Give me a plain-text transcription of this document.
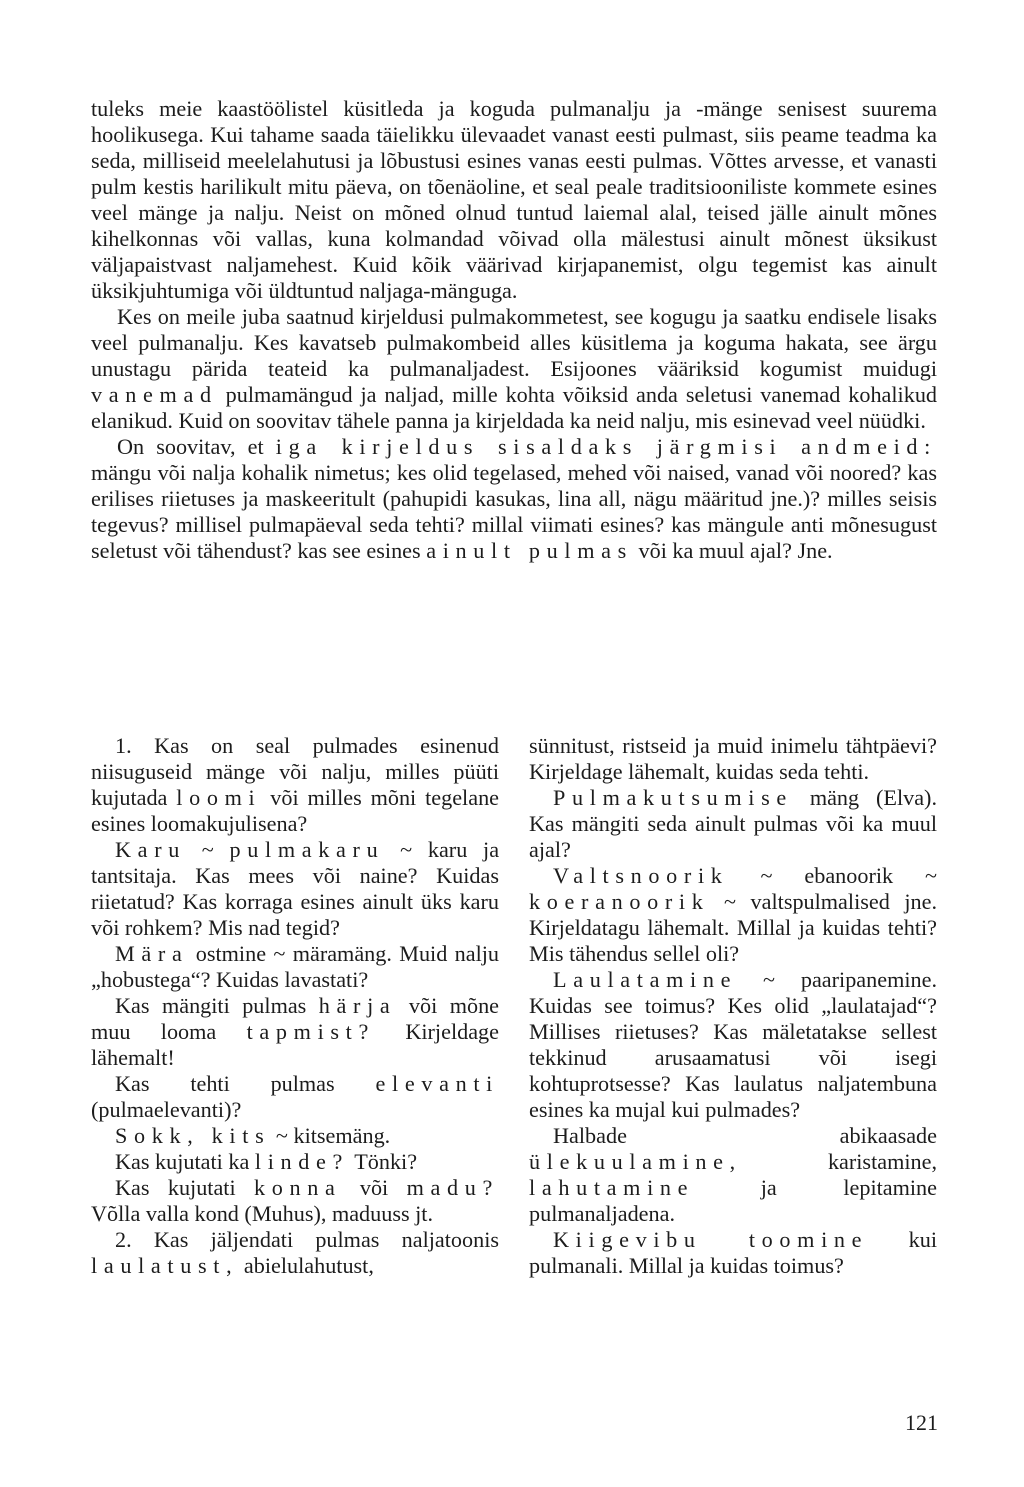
tuleks meie kaastöölistel küsitleda ja koguda pulmanalju ja -mänge senisest suurema hoolikusega. Kui tahame saada täielikku ülevaadet vanast eesti pulmast, siis peame teadma ka seda, milliseid meelelahutusi ja lõbustusi esines vanas eesti pulmas. Võttes arvesse, et vanasti pulm kestis harilikult mitu päeva, on tõenäoline, et seal peale traditsiooniliste kommete esines veel mänge ja nalju. Neist on mõned olnud tuntud laiemal alal, teised jälle ainult mõnes kihelkonnas või vallas, kuna kolmandad võivad olla mälestusi ainult mõnest üksikust väljapaistvast naljamehest. Kuid kõik väärivad kirjapanemist, olgu tegemist kas ainult üksikjuhtumiga või üldtuntud naljaga-mänguga.

Kes on meile juba saatnud kirjeldusi pulmakommetest, see kogugu ja saatku endisele lisaks veel pulmanalju. Kes kavatseb pulmakombeid alles küsitlema ja koguma hakata, see ärgu unustagu pärida teateid ka pulmanaljadest. Esijoones vääriksid kogumist muidugi vanemad pulmamängud ja naljad, mille kohta võiksid anda seletusi vanemad kohalikud elanikud. Kuid on soovitav tähele panna ja kirjeldada ka neid nalju, mis esinevad veel nüüdki.

On soovitav, et iga kirjeldus sisaldaks järgmisi andmeid: mängu või nalja kohalik nimetus; kes olid tegelased, mehed või naised, vanad või noored? kas erilises riietuses ja maskeeritult (pahupidi kasukas, lina all, nägu määritud jne.)? milles seisis tegevus? millisel pulmapäeval seda tehti? millal viimati esines? kas mängule anti mõnesugust seletust või tähendust? kas see esines ainult pulmas või ka muul ajal? Jne.

1. Kas on seal pulmades esinenud niisuguseid mänge või nalju, milles püüti kujutada loomi või milles mõni tegelane esines loomakujulisena?

Karu ~ pulmakaru ~ karu ja tantsitaja. Kas mees või naine? Kuidas riietatud? Kas korraga esines ainult üks karu või rohkem? Mis nad tegid?

Mära ostmine ~ märamäng. Muid nalju „hobustega“? Kuidas lavastati?

Kas mängiti pulmas härja või mõne muu looma tapmist? Kirjeldage lähemalt!

Kas tehti pulmas elevanti (pulmaelevanti)?

Sokk, kits ~ kitsemäng.

Kas kujutati ka linde? Tönki?

Kas kujutati konna või madu? Võlla valla kond (Muhus), maduuss jt.

2. Kas jäljendati pulmas naljatoonis laulatust, abielulahutust,

sünnitust, ristseid ja muid inimelu tähtpäevi? Kirjeldage lähemalt, kuidas seda tehti.

Pulmakutsumise mäng (Elva). Kas mängiti seda ainult pulmas või ka muul ajal?

Valtsnoorik ~ ebanoorik ~ koeranoorik ~ valtspulmalised jne. Kirjeldatagu lähemalt. Millal ja kuidas tehti? Mis tähendus sellel oli?

Laulatamine ~ paaripanemine. Kuidas see toimus? Kes olid „laulatajad“? Millises riietuses? Kas mäletatakse sellest tekkinud arusaamatusi või isegi kohtuprotsesse? Kas laulatus naljatembuna esines ka mujal kui pulmades?

Halbade abikaasade ülekuulamine,	karistamine, lahutamine	ja lepitamine pulmanaljadena.

Kiigevibu toomine kui pulmanali. Millal ja kuidas toimus?

121
